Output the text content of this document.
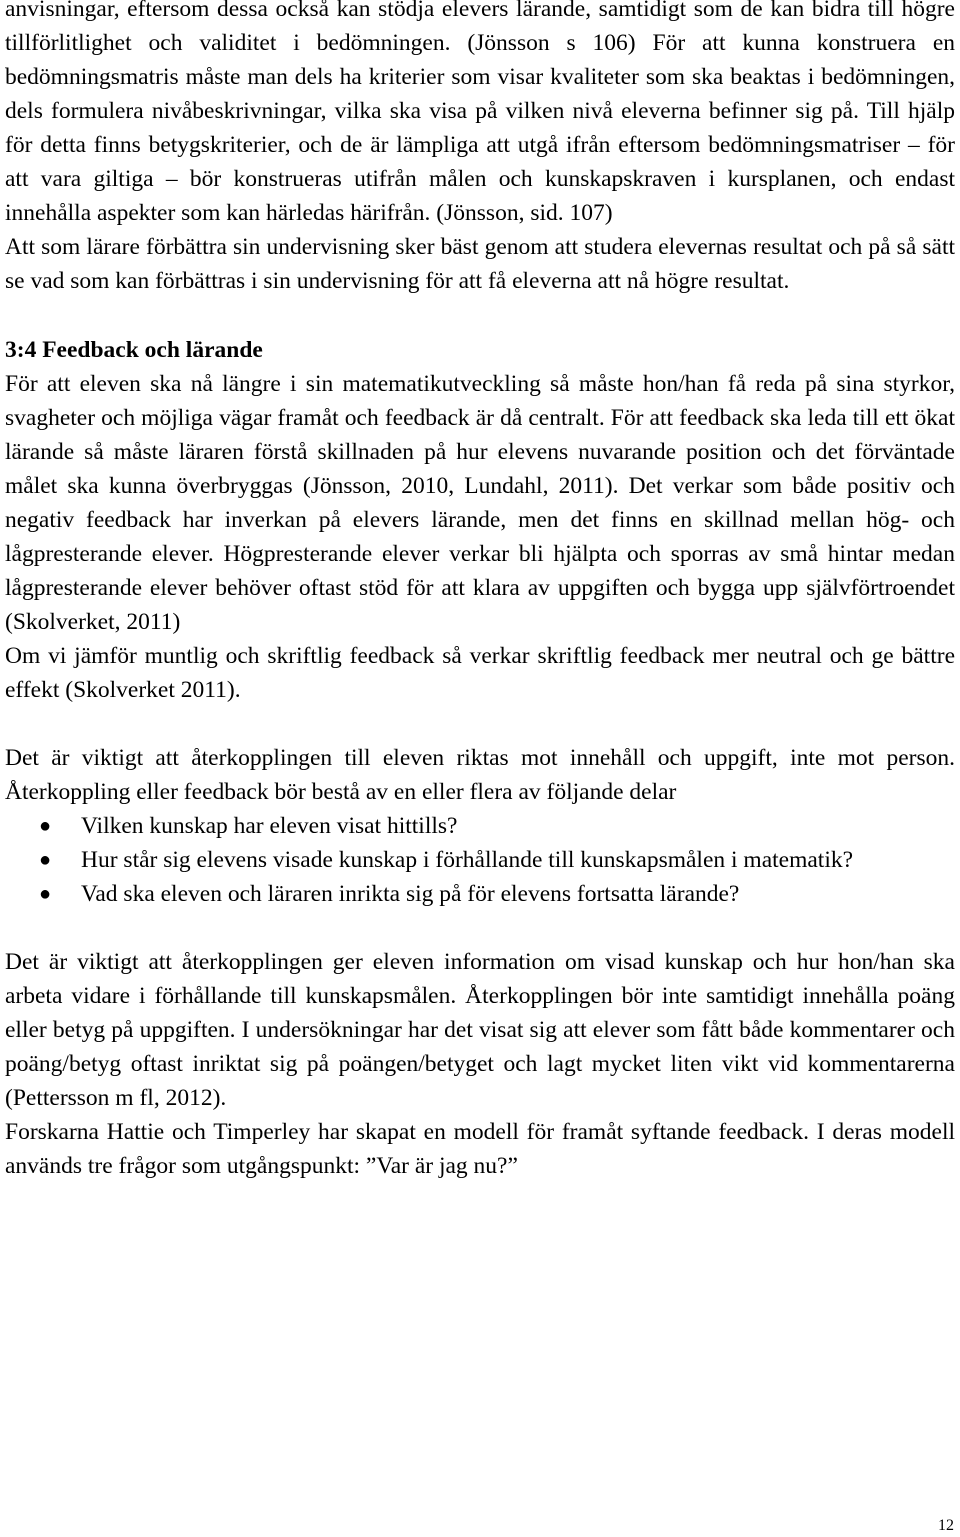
anvisningar, eftersom dessa också kan stödja elevers lärande, samtidigt som de kan bidra till högre tillförlitlighet och validitet i bedömningen. (Jönsson s 106) För att kunna konstruera en bedömningsmatris måste man dels ha kriterier som visar kvaliteter som ska beaktas i bedömningen, dels formulera nivåbeskrivningar, vilka ska visa på vilken nivå eleverna befinner sig på. Till hjälp för detta finns betygskriterier, och de är lämpliga att utgå ifrån eftersom bedömningsmatriser – för att vara giltiga – bör konstrueras utifrån målen och kunskapskraven i kursplanen, och endast innehålla aspekter som kan härledas härifrån. (Jönsson, sid. 107)

Att som lärare förbättra sin undervisning sker bäst genom att studera elevernas resultat och på så sätt se vad som kan förbättras i sin undervisning för att få eleverna att nå högre resultat.

3:4 Feedback och lärande

För att eleven ska nå längre i sin matematikutveckling så måste hon/han få reda på sina styrkor, svagheter och möjliga vägar framåt och feedback är då centralt. För att feedback ska leda till ett ökat lärande så måste läraren förstå skillnaden på hur elevens nuvarande position och det förväntade målet ska kunna överbryggas (Jönsson, 2010, Lundahl, 2011). Det verkar som både positiv och negativ feedback har inverkan på elevers lärande, men det finns en skillnad mellan hög- och lågpresterande elever. Högpresterande elever verkar bli hjälpta och sporras av små hintar medan lågpresterande elever behöver oftast stöd för att klara av uppgiften och bygga upp självförtroendet (Skolverket, 2011)

Om vi jämför muntlig och skriftlig feedback så verkar skriftlig feedback mer neutral och ge bättre effekt (Skolverket 2011).

Det är viktigt att återkopplingen till eleven riktas mot innehåll och uppgift, inte mot person. Återkoppling eller feedback bör bestå av en eller flera av följande delar

● Vilken kunskap har eleven visat hittills?
● Hur står sig elevens visade kunskap i förhållande till kunskapsmålen i matematik?
● Vad ska eleven och läraren inrikta sig på för elevens fortsatta lärande?

Det är viktigt att återkopplingen ger eleven information om visad kunskap och hur hon/han ska arbeta vidare i förhållande till kunskapsmålen. Återkopplingen bör inte samtidigt innehålla poäng eller betyg på uppgiften. I undersökningar har det visat sig att elever som fått både kommentarer och poäng/betyg oftast inriktat sig på poängen/betyget och lagt mycket liten vikt vid kommentarerna (Pettersson m fl, 2012).

Forskarna Hattie och Timperley har skapat en modell för framåt syftande feedback. I deras modell används tre frågor som utgångspunkt: ”Var är jag nu?”

12
